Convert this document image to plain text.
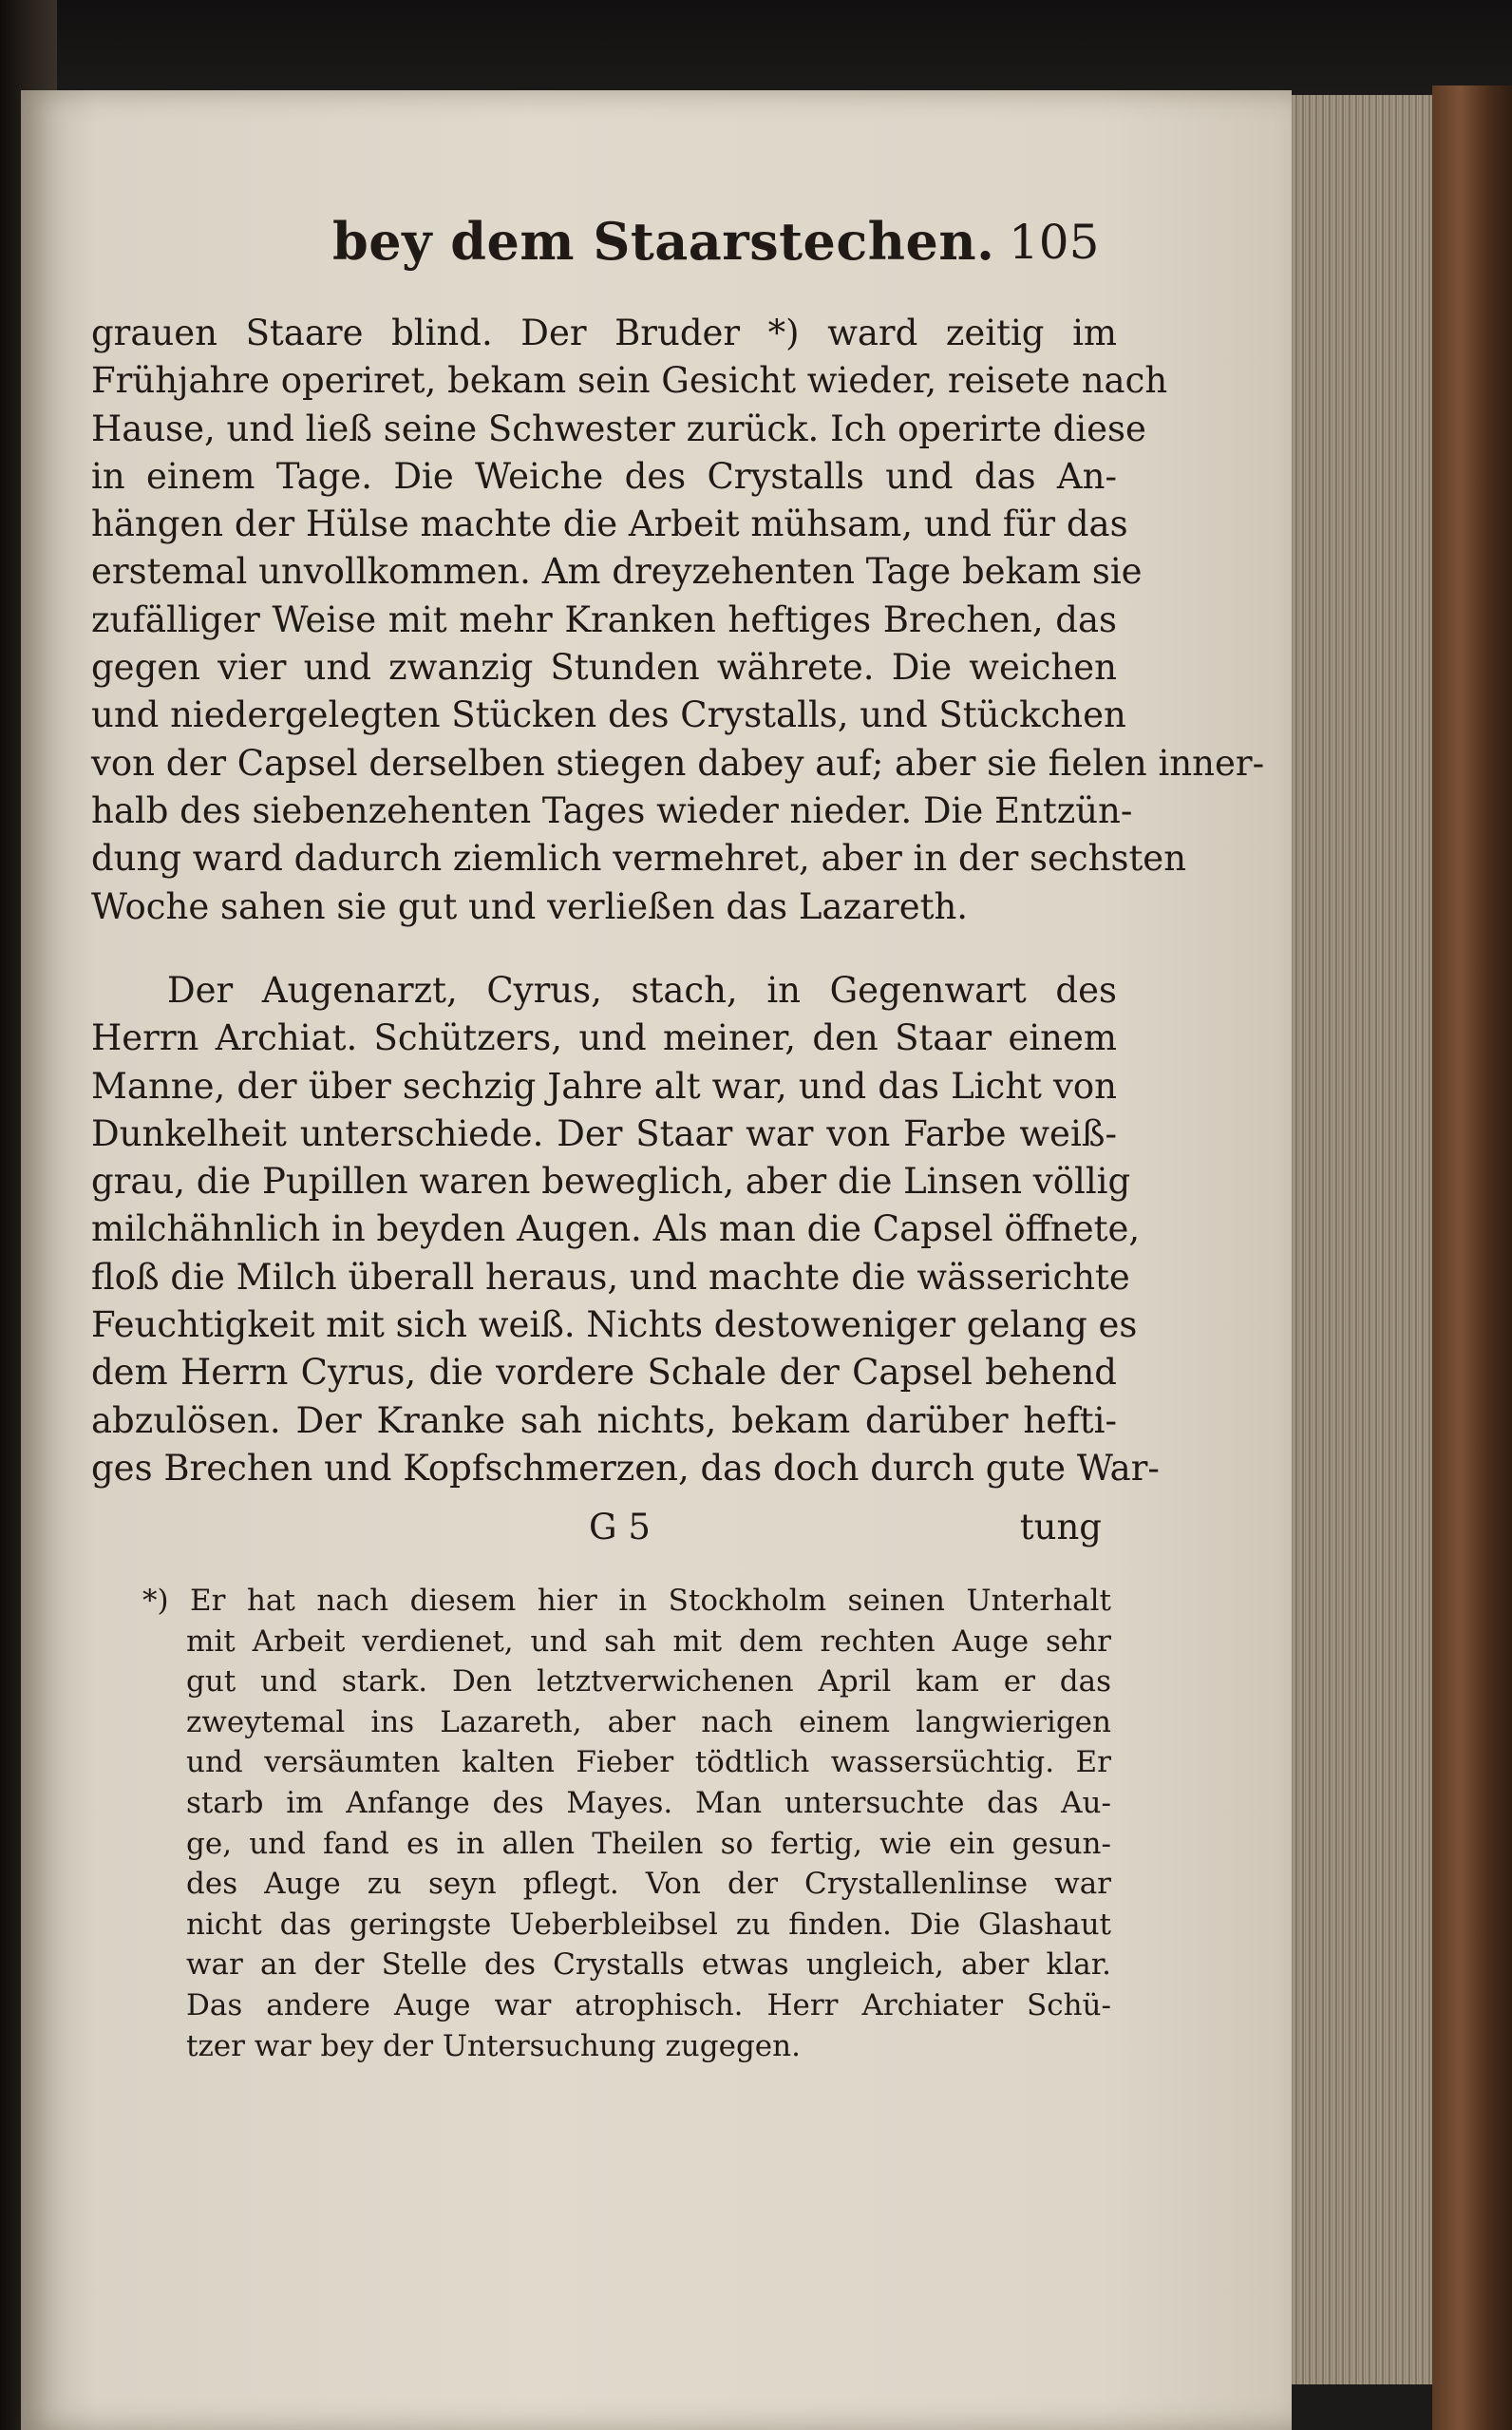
bey dem Staarstechen. 105
grauen Staare blind. Der Bruder *) ward zeitig im
Frühjahre operiret, bekam sein Gesicht wieder, reisete nach
Hause, und ließ seine Schwester zurück. Ich operirte diese
in einem Tage. Die Weiche des Crystalls und das An-
hängen der Hülse machte die Arbeit mühsam, und für das
erstemal unvollkommen. Am dreyzehenten Tage bekam sie
zufälliger Weise mit mehr Kranken heftiges Brechen, das
gegen vier und zwanzig Stunden währete. Die weichen
und niedergelegten Stücken des Crystalls, und Stückchen
von der Capsel derselben stiegen dabey auf; aber sie fielen inner-
halb des siebenzehenten Tages wieder nieder. Die Entzün-
dung ward dadurch ziemlich vermehret, aber in der sechsten
Woche sahen sie gut und verließen das Lazareth.
Der Augenarzt, Cyrus, stach, in Gegenwart des
Herrn Archiat. Schützers, und meiner, den Staar einem
Manne, der über sechzig Jahre alt war, und das Licht von
Dunkelheit unterschiede. Der Staar war von Farbe weiß-
grau, die Pupillen waren beweglich, aber die Linsen völlig
milchähnlich in beyden Augen. Als man die Capsel öffnete,
floß die Milch überall heraus, und machte die wässerichte
Feuchtigkeit mit sich weiß. Nichts destoweniger gelang es
dem Herrn Cyrus, die vordere Schale der Capsel behend
abzulösen. Der Kranke sah nichts, bekam darüber hefti-
ges Brechen und Kopfschmerzen, das doch durch gute War-
G 5	tung
*) Er hat nach diesem hier in Stockholm seinen Unterhalt
mit Arbeit verdienet, und sah mit dem rechten Auge sehr
gut und stark. Den letztverwichenen April kam er das
zweytemal ins Lazareth, aber nach einem langwierigen
und versäumten kalten Fieber tödtlich wassersüchtig. Er
starb im Anfange des Mayes. Man untersuchte das Au-
ge, und fand es in allen Theilen so fertig, wie ein gesun-
des Auge zu seyn pflegt. Von der Crystallenlinse war
nicht das geringste Ueberbleibsel zu finden. Die Glashaut
war an der Stelle des Crystalls etwas ungleich, aber klar.
Das andere Auge war atrophisch. Herr Archiater Schü-
tzer war bey der Untersuchung zugegen.
